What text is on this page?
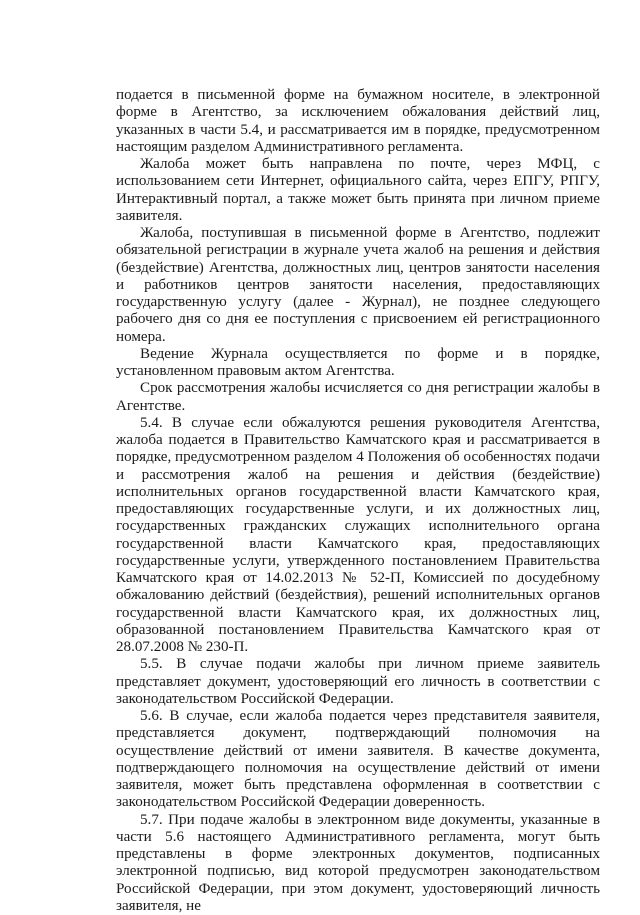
подается в письменной форме на бумажном носителе, в электронной форме в Агентство, за исключением обжалования действий лиц, указанных в части 5.4, и рассматривается им в порядке, предусмотренном настоящим разделом Административного регламента.

Жалоба может быть направлена по почте, через МФЦ, с использованием сети Интернет, официального сайта, через ЕПГУ, РПГУ, Интерактивный портал, а также может быть принята при личном приеме заявителя.

Жалоба, поступившая в письменной форме в Агентство, подлежит обязательной регистрации в журнале учета жалоб на решения и действия (бездействие) Агентства, должностных лиц, центров занятости населения и работников центров занятости населения, предоставляющих государственную услугу (далее - Журнал), не позднее следующего рабочего дня со дня ее поступления с присвоением ей регистрационного номера.

Ведение Журнала осуществляется по форме и в порядке, установленном правовым актом Агентства.

Срок рассмотрения жалобы исчисляется со дня регистрации жалобы в Агентстве.

5.4. В случае если обжалуются решения руководителя Агентства, жалоба подается в Правительство Камчатского края и рассматривается в порядке, предусмотренном разделом 4 Положения об особенностях подачи и рассмотрения жалоб на решения и действия (бездействие) исполнительных органов государственной власти Камчатского края, предоставляющих государственные услуги, и их должностных лиц, государственных гражданских служащих исполнительного органа государственной власти Камчатского края, предоставляющих государственные услуги, утвержденного постановлением Правительства Камчатского края от 14.02.2013 № 52-П, Комиссией по досудебному обжалованию действий (бездействия), решений исполнительных органов государственной власти Камчатского края, их должностных лиц, образованной постановлением Правительства Камчатского края от 28.07.2008 № 230-П.

5.5. В случае подачи жалобы при личном приеме заявитель представляет документ, удостоверяющий его личность в соответствии с законодательством Российской Федерации.

5.6. В случае, если жалоба подается через представителя заявителя, представляется документ, подтверждающий полномочия на осуществление действий от имени заявителя. В качестве документа, подтверждающего полномочия на осуществление действий от имени заявителя, может быть представлена оформленная в соответствии с законодательством Российской Федерации доверенность.

5.7. При подаче жалобы в электронном виде документы, указанные в части 5.6 настоящего Административного регламента, могут быть представлены в форме электронных документов, подписанных электронной подписью, вид которой предусмотрен законодательством Российской Федерации, при этом документ, удостоверяющий личность заявителя, не
